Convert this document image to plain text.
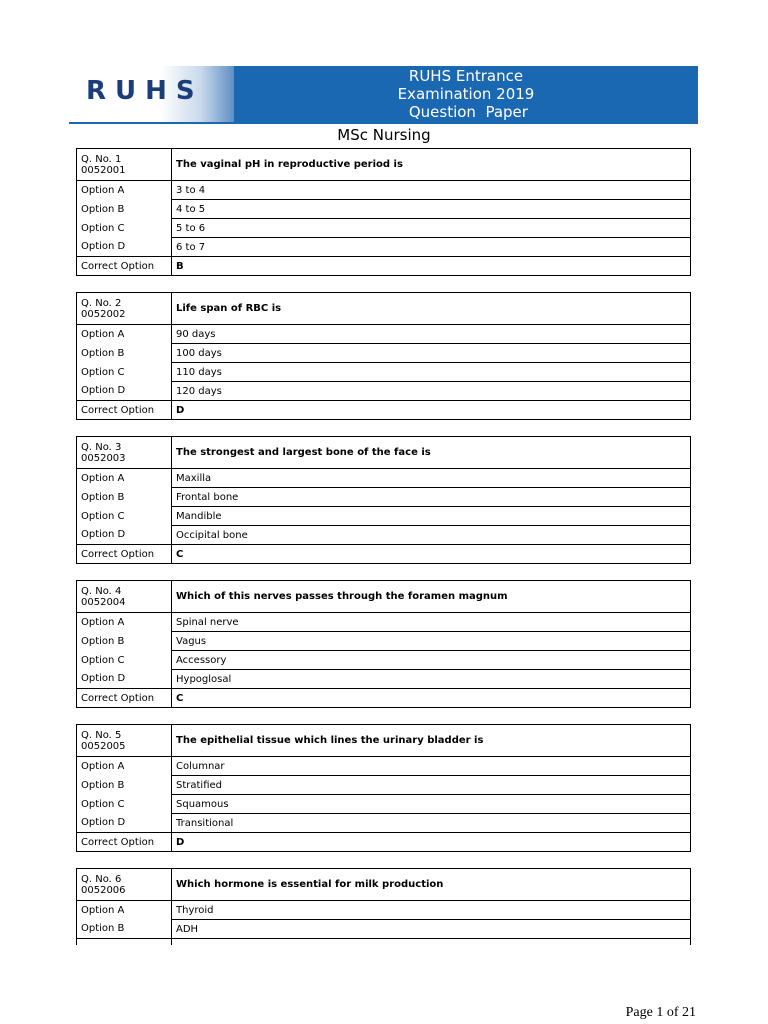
RUHS	RUHS Entrance
Examination 2019
Question  Paper
MSc Nursing
Q. No. 1
0052001	The vaginal pH in reproductive period is
Option A	3 to 4
Option B	4 to 5
Option C	5 to 6
Option D	6 to 7
Correct Option	B
Q. No. 2
0052002	Life span of RBC is
Option A	90 days
Option B	100 days
Option C	110 days
Option D	120 days
Correct Option	D
Q. No. 3
0052003	The strongest and largest bone of the face is
Option A	Maxilla
Option B	Frontal bone
Option C	Mandible
Option D	Occipital bone
Correct Option	C
Q. No. 4
0052004	Which of this nerves passes through the foramen magnum
Option A	Spinal nerve
Option B	Vagus
Option C	Accessory
Option D	Hypoglosal
Correct Option	C
Q. No. 5
0052005	The epithelial tissue which lines the urinary bladder is
Option A	Columnar
Option B	Stratified
Option C	Squamous
Option D	Transitional
Correct Option	D
Q. No. 6
0052006	Which hormone is essential for milk production
Option A	Thyroid
Option B	ADH

Page 1 of 21
